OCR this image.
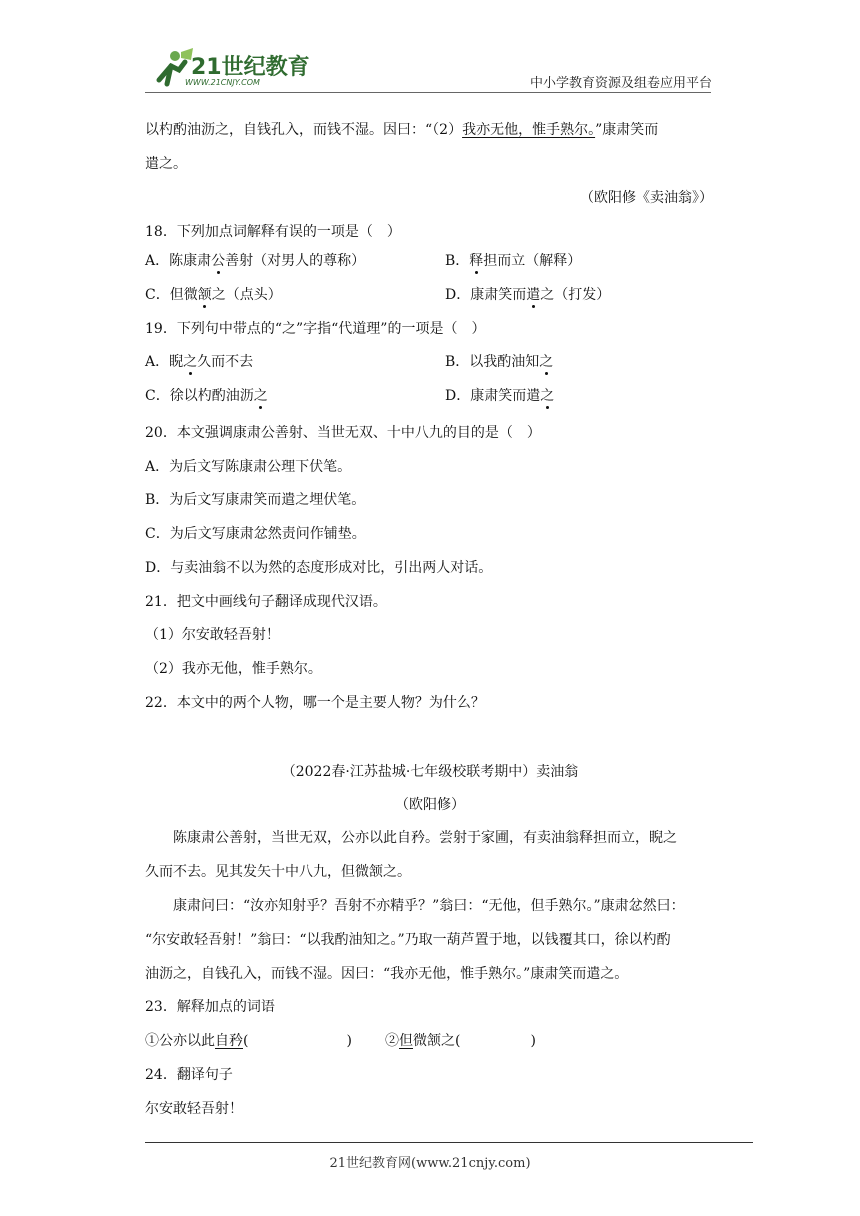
21世纪教育
WWW.21CNJY.COM	中小学教育资源及组卷应用平台
以杓酌油沥之，自钱孔入，而钱不湿。因曰：“（2）我亦无他，惟手熟尔。”康肃笑而
遣之。
（欧阳修《卖油翁》）
18．下列加点词解释有误的一项是（　）
A．陈康肃公善射（对男人的尊称）	B．释担而立（解释）
C．但微颔之（点头）	D．康肃笑而遣之（打发）
19．下列句中带点的“之”字指“代道理”的一项是（　）
A．睨之久而不去	B．以我酌油知之
C．徐以杓酌油沥之	D．康肃笑而遣之
20．本文强调康肃公善射、当世无双、十中八九的目的是（　）
A．为后文写陈康肃公理下伏笔。
B．为后文写康肃笑而遣之埋伏笔。
C．为后文写康肃忿然责问作铺垫。
D．与卖油翁不以为然的态度形成对比，引出两人对话。
21．把文中画线句子翻译成现代汉语。
（1）尔安敢轻吾射！
（2）我亦无他，惟手熟尔。
22．本文中的两个人物，哪一个是主要人物？为什么？
（2022春·江苏盐城·七年级校联考期中）卖油翁
（欧阳修）
陈康肃公善射，当世无双，公亦以此自矜。尝射于家圃，有卖油翁释担而立，睨之
久而不去。见其发矢十中八九，但微颔之。
康肃问曰：“汝亦知射乎？吾射不亦精乎？”翁曰：“无他，但手熟尔。”康肃忿然曰：
“尔安敢轻吾射！”翁曰：“以我酌油知之。”乃取一葫芦置于地，以钱覆其口，徐以杓酌
油沥之，自钱孔入，而钱不湿。因曰：“我亦无他，惟手熟尔。”康肃笑而遣之。
23．解释加点的词语
①公亦以此自矜(　　　　　　　) ②但微颔之(　　　　　)
24．翻译句子
尔安敢轻吾射！
21世纪教育网(www.21cnjy.com)
